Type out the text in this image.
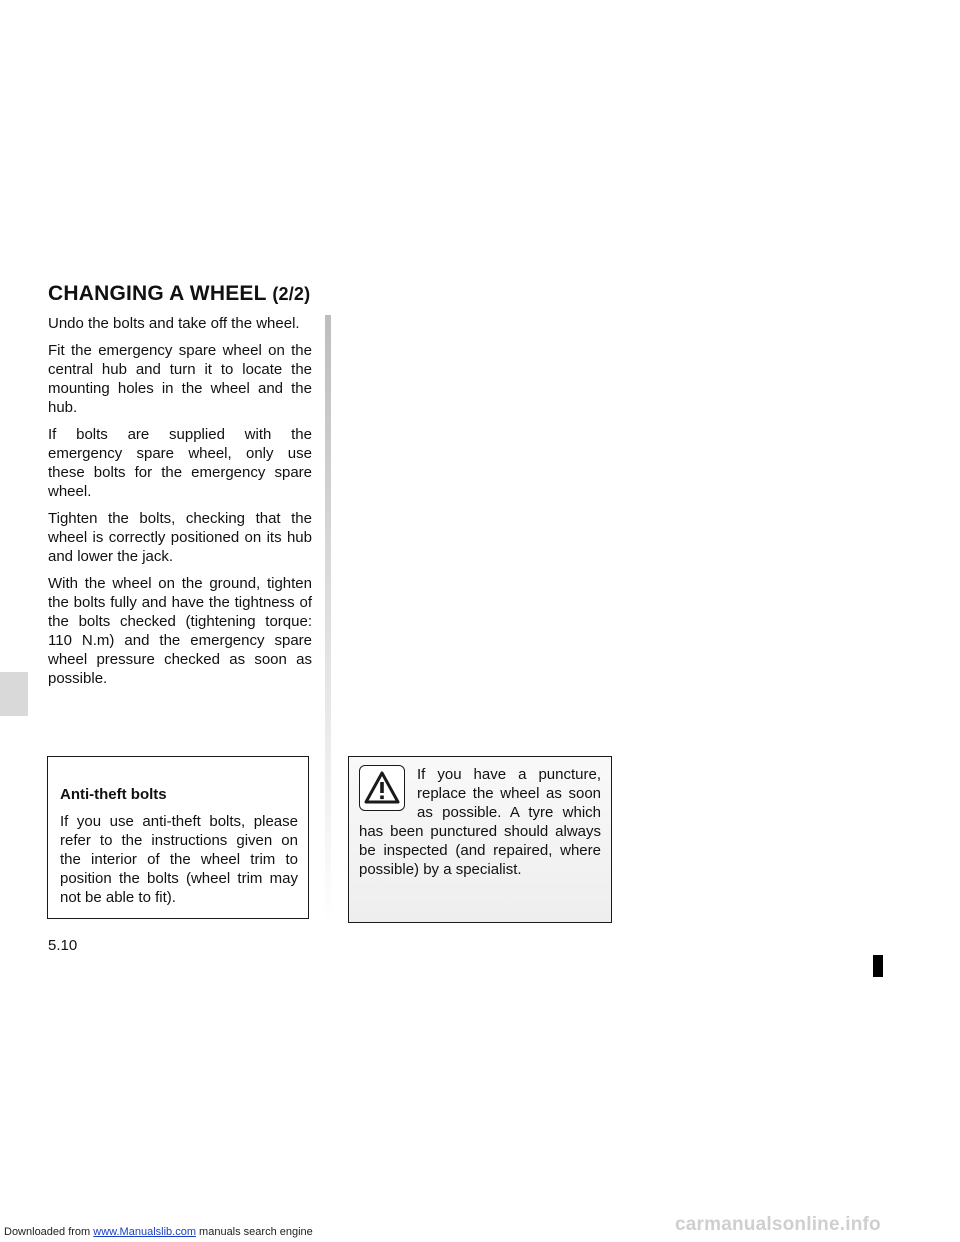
CHANGING A WHEEL (2/2)

Undo the bolts and take off the wheel.

Fit the emergency spare wheel on the central hub and turn it to locate the mounting holes in the wheel and the hub.

If bolts are supplied with the emergency spare wheel, only use these bolts for the emergency spare wheel.

Tighten the bolts, checking that the wheel is correctly positioned on its hub and lower the jack.

With the wheel on the ground, tighten the bolts fully and have the tightness of the bolts checked (tightening torque: 110 N.m) and the emergency spare wheel pressure checked as soon as possible.

Anti-theft bolts

If you use anti-theft bolts, please refer to the instructions given on the interior of the wheel trim to position the bolts (wheel trim may not be able to fit).

If you have a puncture, replace the wheel as soon as possible. A tyre which has been punctured should always be inspected (and repaired, where possible) by a specialist.

5.10
Downloaded from www.Manualslib.com manuals search engine	carmanualsonline.info
